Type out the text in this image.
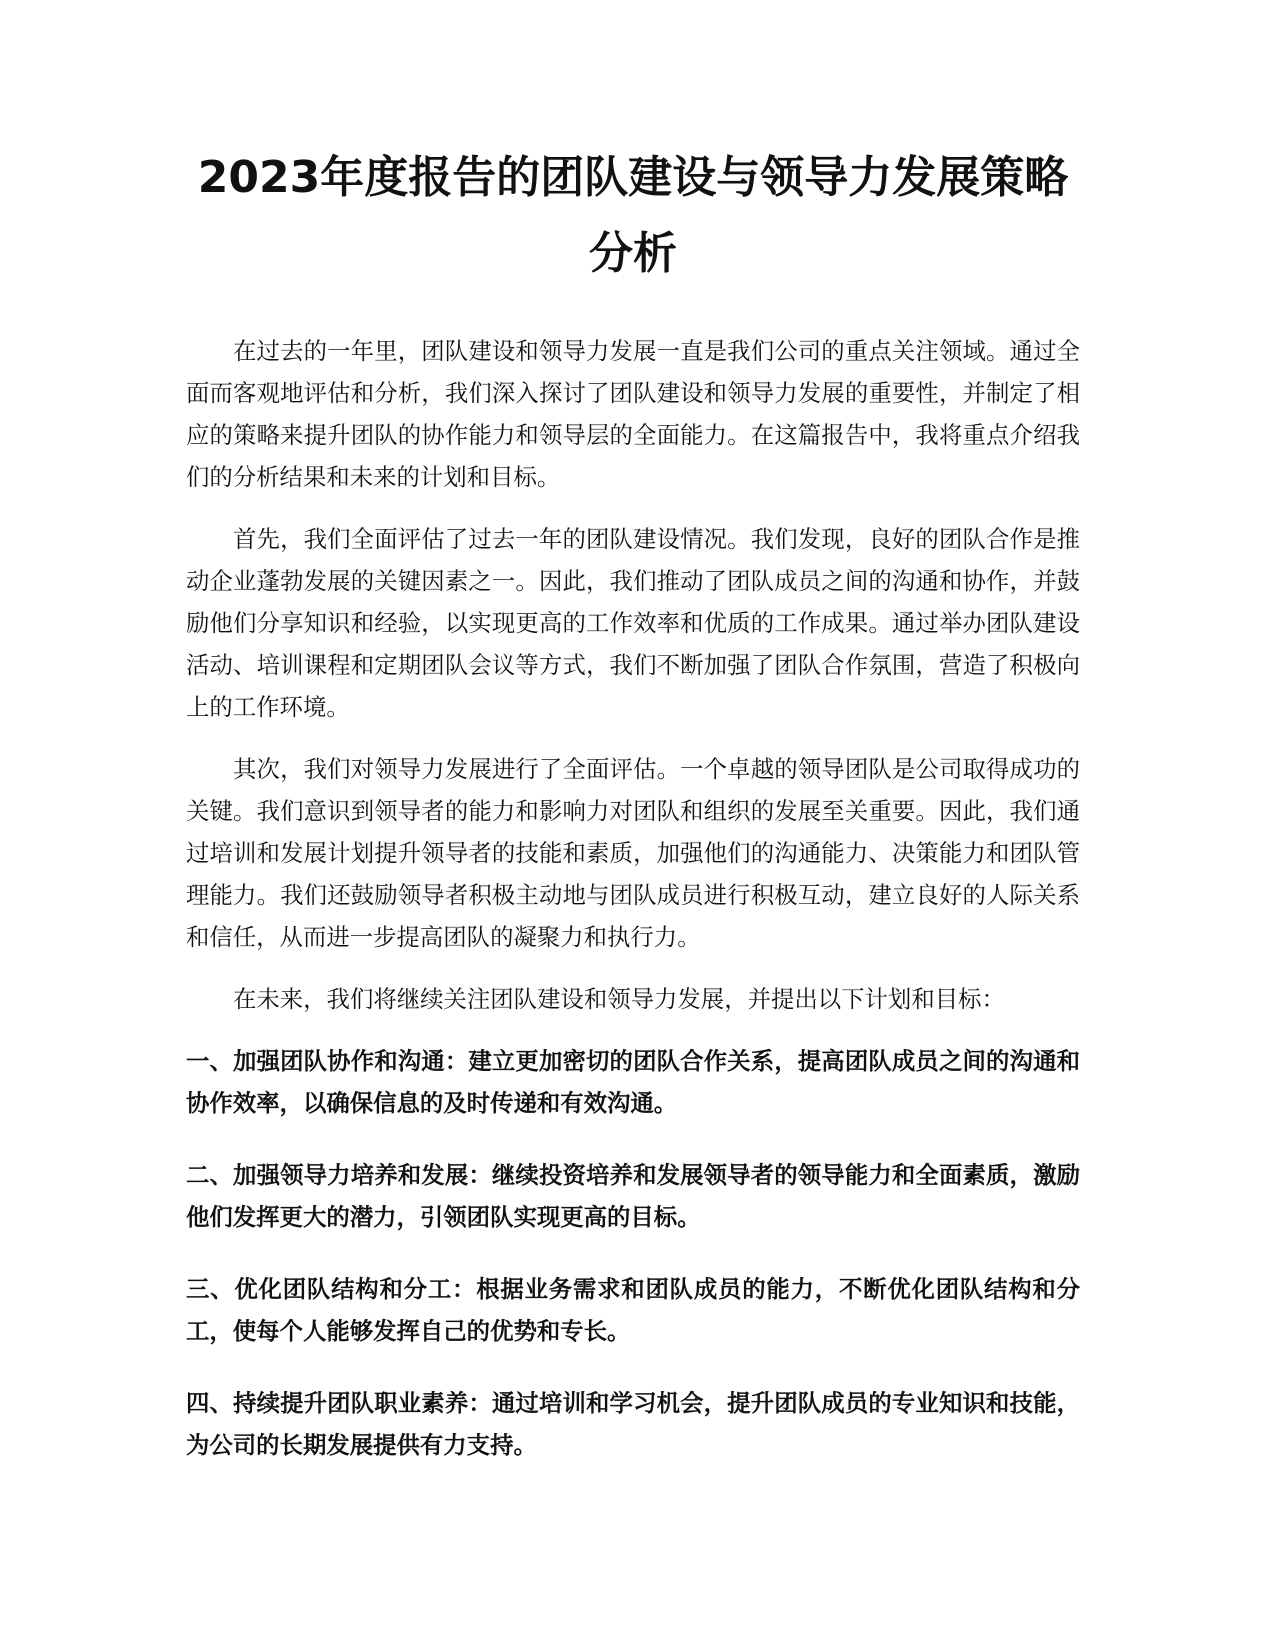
2023年度报告的团队建设与领导力发展策略分析

在过去的一年里，团队建设和领导力发展一直是我们公司的重点关注领域。通过全面而客观地评估和分析，我们深入探讨了团队建设和领导力发展的重要性，并制定了相应的策略来提升团队的协作能力和领导层的全面能力。在这篇报告中，我将重点介绍我们的分析结果和未来的计划和目标。

首先，我们全面评估了过去一年的团队建设情况。我们发现，良好的团队合作是推动企业蓬勃发展的关键因素之一。因此，我们推动了团队成员之间的沟通和协作，并鼓励他们分享知识和经验，以实现更高的工作效率和优质的工作成果。通过举办团队建设活动、培训课程和定期团队会议等方式，我们不断加强了团队合作氛围，营造了积极向上的工作环境。

其次，我们对领导力发展进行了全面评估。一个卓越的领导团队是公司取得成功的关键。我们意识到领导者的能力和影响力对团队和组织的发展至关重要。因此，我们通过培训和发展计划提升领导者的技能和素质，加强他们的沟通能力、决策能力和团队管理能力。我们还鼓励领导者积极主动地与团队成员进行积极互动，建立良好的人际关系和信任，从而进一步提高团队的凝聚力和执行力。

在未来，我们将继续关注团队建设和领导力发展，并提出以下计划和目标：

一、加强团队协作和沟通：建立更加密切的团队合作关系，提高团队成员之间的沟通和协作效率，以确保信息的及时传递和有效沟通。

二、加强领导力培养和发展：继续投资培养和发展领导者的领导能力和全面素质，激励他们发挥更大的潜力，引领团队实现更高的目标。

三、优化团队结构和分工：根据业务需求和团队成员的能力，不断优化团队结构和分工，使每个人能够发挥自己的优势和专长。

四、持续提升团队职业素养：通过培训和学习机会，提升团队成员的专业知识和技能，为公司的长期发展提供有力支持。
